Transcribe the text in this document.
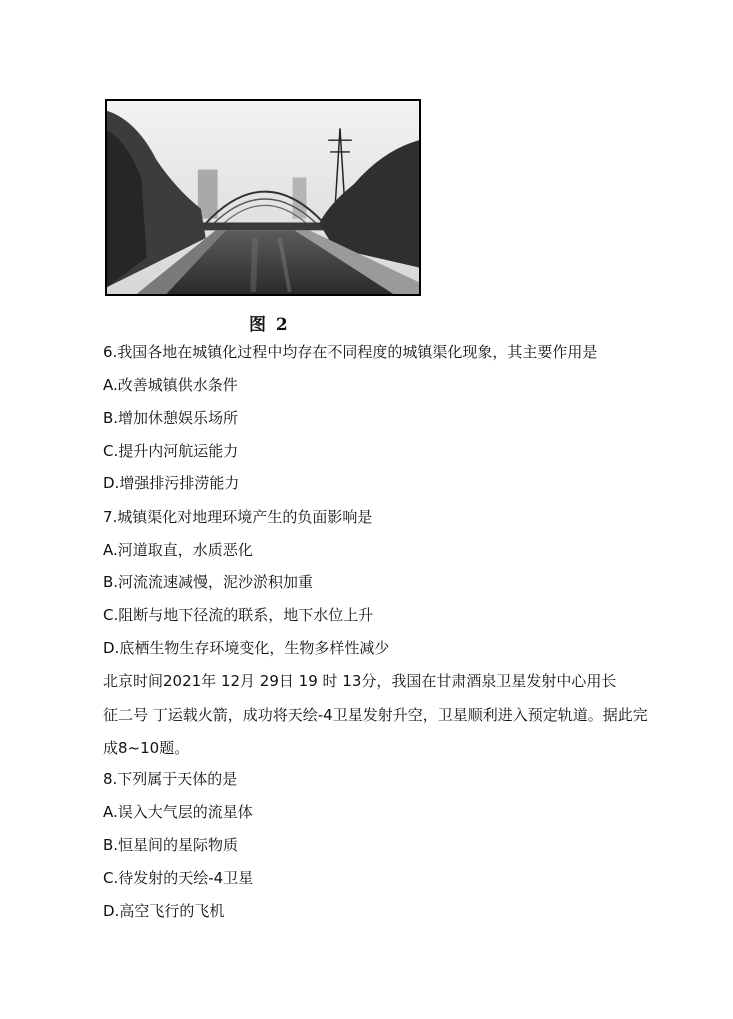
图 2
6.我国各地在城镇化过程中均存在不同程度的城镇渠化现象，其主要作用是
A.改善城镇供水条件
B.增加休憩娱乐场所
C.提升内河航运能力
D.增强排污排涝能力
7.城镇渠化对地理环境产生的负面影响是
A.河道取直，水质恶化
B.河流流速减慢，泥沙淤积加重
C.阻断与地下径流的联系，地下水位上升
D.底栖生物生存环境变化，生物多样性减少
北京时间2021年 12月 29日 19 时 13分，我国在甘肃酒泉卫星发射中心用长
征二号 丁运载火箭，成功将天绘-4卫星发射升空，卫星顺利进入预定轨道。据此完
成8~10题。
8.下列属于天体的是
A.误入大气层的流星体
B.恒星间的星际物质
C.待发射的天绘-4卫星
D.高空飞行的飞机
